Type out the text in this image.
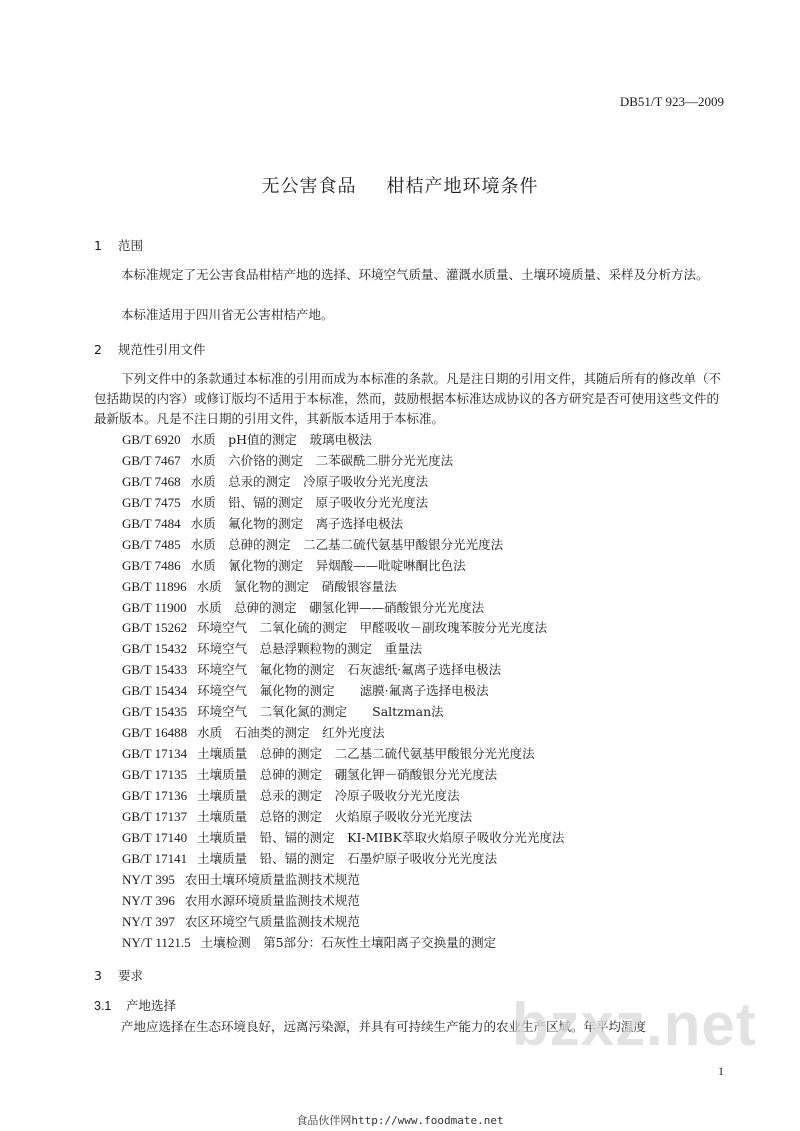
DB51/T 923—2009
无公害食品 柑桔产地环境条件
1 范围
本标准规定了无公害食品柑桔产地的选择、环境空气质量、灌溉水质量、土壤环境质量、采样及分析方法。
本标准适用于四川省无公害柑桔产地。
2 规范性引用文件
下列文件中的条款通过本标准的引用而成为本标准的条款。凡是注日期的引用文件，其随后所有的修改单（不包括勘误的内容）或修订版均不适用于本标准，然而，鼓励根据本标准达成协议的各方研究是否可使用这些文件的最新版本。凡是不注日期的引用文件，其新版本适用于本标准。
GB/T 6920 水质　pH值的测定　玻璃电极法
GB/T 7467 水质　六价铬的测定　二苯碳酰二肼分光光度法
GB/T 7468 水质　总汞的测定　冷原子吸收分光光度法
GB/T 7475 水质　铅、镉的测定　原子吸收分光光度法
GB/T 7484 水质　氟化物的测定　离子选择电极法
GB/T 7485 水质　总砷的测定　二乙基二硫代氨基甲酸银分光光度法
GB/T 7486 水质　氰化物的测定　异烟酸——吡啶啉酮比色法
GB/T 11896 水质　氯化物的测定　硝酸银容量法
GB/T 11900 水质　总砷的测定　硼氢化钾——硝酸银分光光度法
GB/T 15262 环境空气　二氧化硫的测定　甲醛吸收－副玫瑰苯胺分光光度法
GB/T 15432 环境空气　总悬浮颗粒物的测定　重量法
GB/T 15433 环境空气　氟化物的测定　石灰滤纸·氟离子选择电极法
GB/T 15434 环境空气　氟化物的测定　　滤膜·氟离子选择电极法
GB/T 15435 环境空气　二氧化氮的测定　　Saltzman法
GB/T 16488 水质　石油类的测定　红外光度法
GB/T 17134 土壤质量　总砷的测定　二乙基二硫代氨基甲酸银分光光度法
GB/T 17135 土壤质量　总砷的测定　硼氢化钾－硝酸银分光光度法
GB/T 17136 土壤质量　总汞的测定　冷原子吸收分光光度法
GB/T 17137 土壤质量　总铬的测定　火焰原子吸收分光光度法
GB/T 17140 土壤质量　铅、镉的测定　KI-MIBK萃取火焰原子吸收分光光度法
GB/T 17141 土壤质量　铅、镉的测定　石墨炉原子吸收分光光度法
NY/T 395 农田土壤环境质量监测技术规范
NY/T 396 农用水源环境质量监测技术规范
NY/T 397 农区环境空气质量监测技术规范
NY/T 1121.5 土壤检测　第5部分：石灰性土壤阳离子交换量的测定
3 要求
3.1 产地选择
产地应选择在生态环境良好，远离污染源，并具有可持续生产能力的农业生产区域。年平均温度
bzxz.net
1
食品伙伴网http://www.foodmate.net
